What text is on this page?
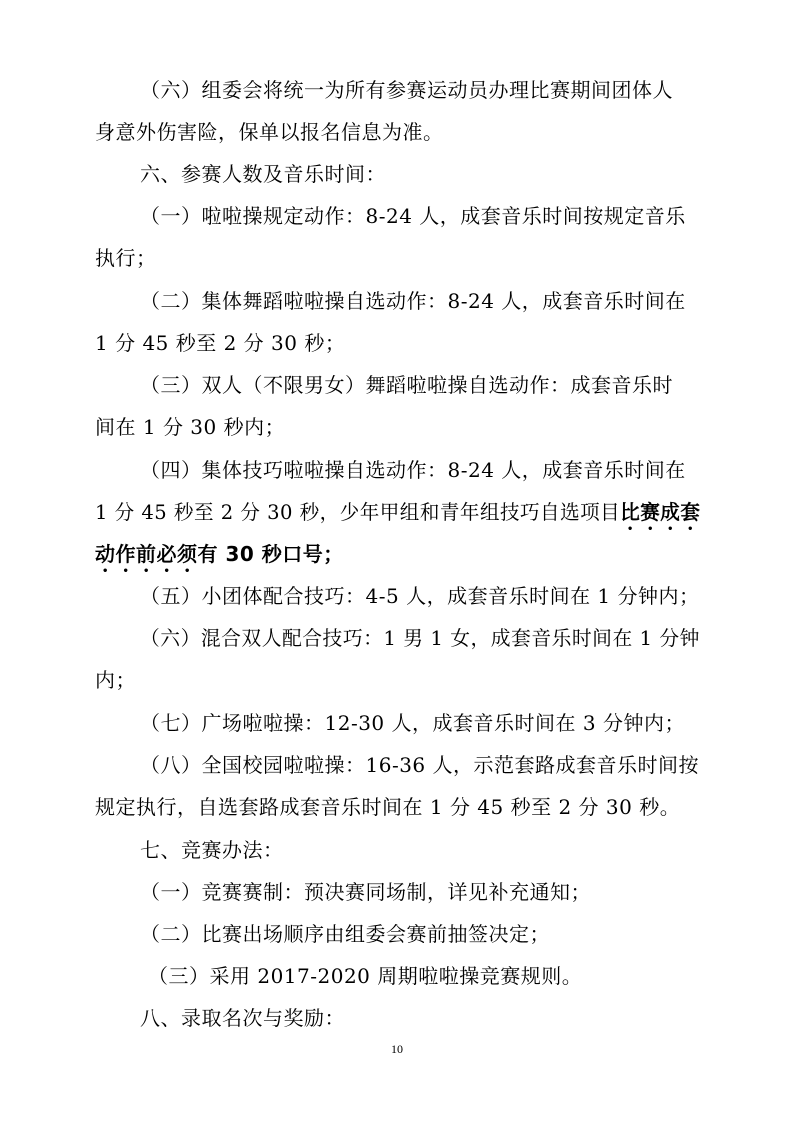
（六）组委会将统一为所有参赛运动员办理比赛期间团体人
身意外伤害险，保单以报名信息为准。
六、参赛人数及音乐时间：
（一）啦啦操规定动作：8-24 人，成套音乐时间按规定音乐
执行；
（二）集体舞蹈啦啦操自选动作：8-24 人，成套音乐时间在
1 分 45 秒至 2 分 30 秒；
（三）双人（不限男女）舞蹈啦啦操自选动作：成套音乐时
间在 1 分 30 秒内；
（四）集体技巧啦啦操自选动作：8-24 人，成套音乐时间在
1 分 45 秒至 2 分 30 秒，少年甲组和青年组技巧自选项目比赛成套
动作前必须有 30 秒口号；
（五）小团体配合技巧：4-5 人，成套音乐时间在 1 分钟内；
（六）混合双人配合技巧：1 男 1 女，成套音乐时间在 1 分钟
内；
（七）广场啦啦操：12-30 人，成套音乐时间在 3 分钟内；
（八）全国校园啦啦操：16-36 人，示范套路成套音乐时间按
规定执行，自选套路成套音乐时间在 1 分 45 秒至 2 分 30 秒。
七、竞赛办法：
（一）竞赛赛制：预决赛同场制，详见补充通知；
（二）比赛出场顺序由组委会赛前抽签决定；
（三）采用 2017-2020 周期啦啦操竞赛规则。
八、录取名次与奖励：
10
